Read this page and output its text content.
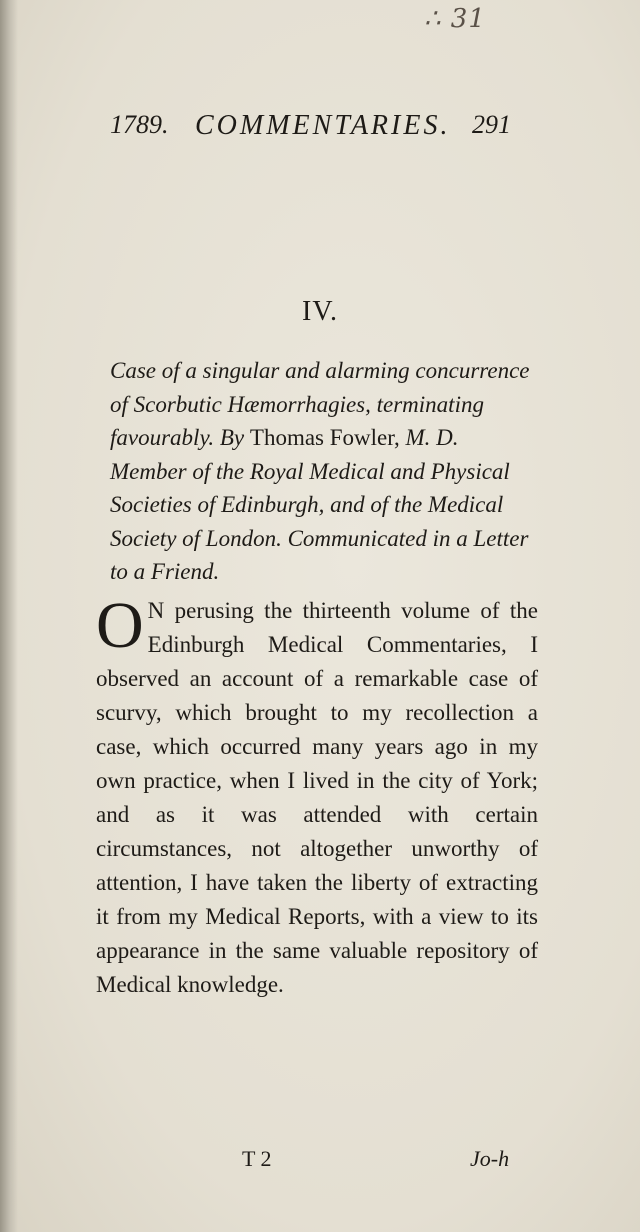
∴ 31
1789. COMMENTARIES. 291
IV.
Case of a singular and alarming concurrence of Scorbutic Hæmorrhagies, terminating favourably. By Thomas Fowler, M. D. Member of the Royal Medical and Physical Societies of Edinburgh, and of the Medical Society of London. Communicated in a Letter to a Friend.
O N perusing the thirteenth volume of the Edinburgh Medical Commentaries, I observed an account of a remarkable case of scurvy, which brought to my recollection a case, which occurred many years ago in my own practice, when I lived in the city of York; and as it was attended with certain circumstances, not altogether unworthy of attention, I have taken the liberty of extracting it from my Medical Reports, with a view to its appearance in the same valuable repository of Medical knowledge.

T 2	Jo-h
